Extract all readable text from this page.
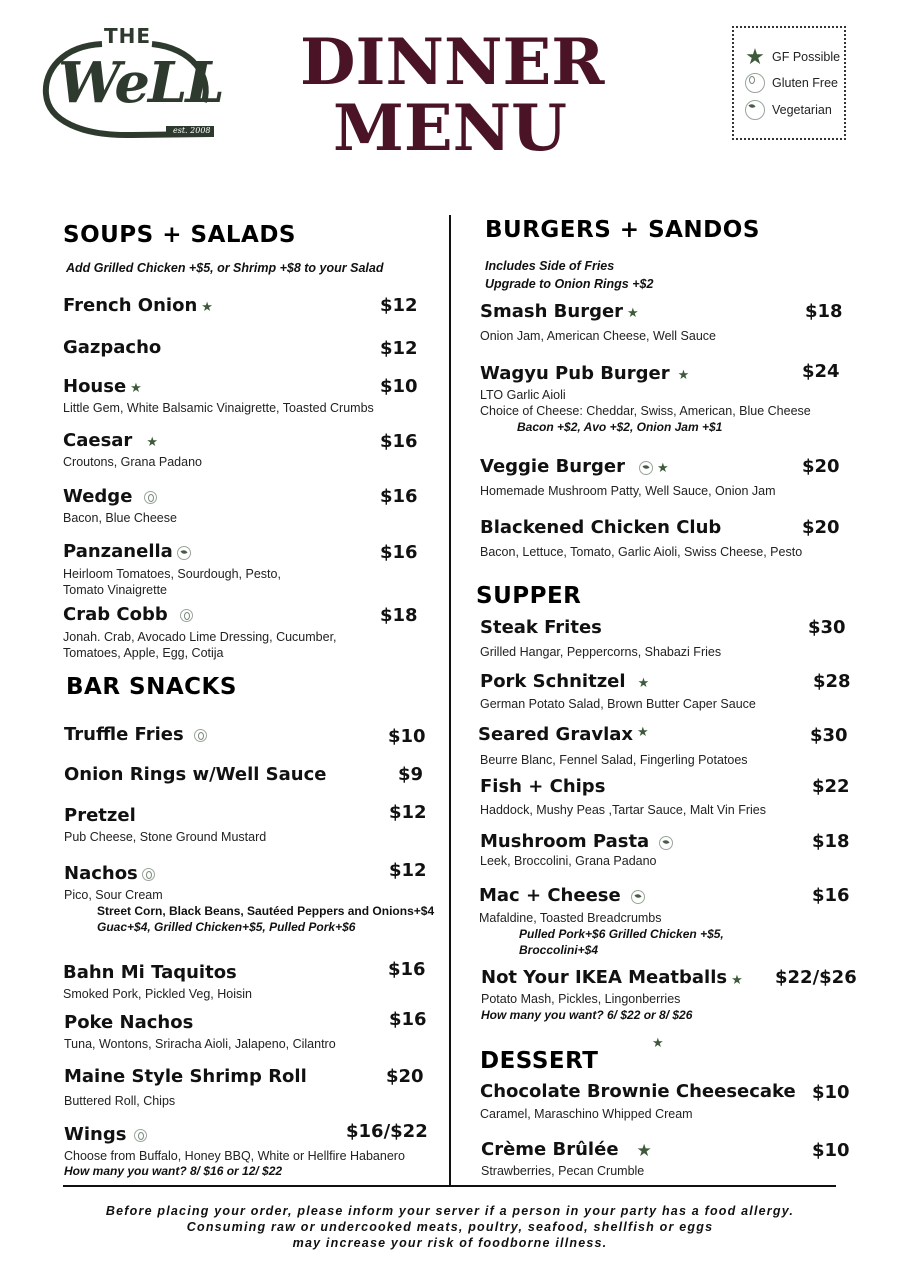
THE
WeLL
est. 2008
DINNER
MENU
★ GF Possible
Gluten Free
Vegetarian
SOUPS + SALADS
Add Grilled Chicken +$5, or Shrimp +$8 to your Salad
French Onion ★	$12
Gazpacho	$12
House ★	$10
Little Gem, White Balsamic Vinaigrette, Toasted Crumbs
Caesar ★	$16
Croutons, Grana Padano
Wedge	$16
Bacon, Blue Cheese
Panzanella	$16
Heirloom Tomatoes, Sourdough, Pesto,
Tomato Vinaigrette
Crab Cobb	$18
Jonah. Crab, Avocado Lime Dressing, Cucumber,
Tomatoes, Apple, Egg, Cotija
BAR SNACKS
Truffle Fries	$10
Onion Rings w/Well Sauce	$9
Pretzel	$12
Pub Cheese, Stone Ground Mustard
Nachos	$12
Pico, Sour Cream
Street Corn, Black Beans, Sautéed Peppers and Onions+$4
Guac+$4, Grilled Chicken+$5, Pulled Pork+$6
Bahn Mi Taquitos	$16
Smoked Pork, Pickled Veg, Hoisin
Poke Nachos	$16
Tuna, Wontons, Sriracha Aioli, Jalapeno, Cilantro
Maine Style Shrimp Roll	$20
Buttered Roll, Chips
Wings	$16/$22
Choose from Buffalo, Honey BBQ, White or Hellfire Habanero
How many you want? 8/ $16 or 12/ $22
BURGERS + SANDOS
Includes Side of Fries
Upgrade to Onion Rings +$2
Smash Burger ★	$18
Onion Jam, American Cheese, Well Sauce
Wagyu Pub Burger ★	$24
LTO Garlic Aioli
Choice of Cheese: Cheddar, Swiss, American, Blue Cheese
Bacon +$2, Avo +$2, Onion Jam +$1
Veggie Burger ★	$20
Homemade Mushroom Patty, Well Sauce, Onion Jam
Blackened Chicken Club	$20
Bacon, Lettuce, Tomato, Garlic Aioli, Swiss Cheese, Pesto
SUPPER
Steak Frites	$30
Grilled Hangar, Peppercorns, Shabazi Fries
Pork Schnitzel ★	$28
German Potato Salad, Brown Butter Caper Sauce
Seared Gravlax ★	$30
Beurre Blanc, Fennel Salad, Fingerling Potatoes
Fish + Chips	$22
Haddock, Mushy Peas ,Tartar Sauce, Malt Vin Fries
Mushroom Pasta	$18
Leek, Broccolini, Grana Padano
Mac + Cheese	$16
Mafaldine, Toasted Breadcrumbs
Pulled Pork+$6 Grilled Chicken +$5,
Broccolini+$4
Not Your IKEA Meatballs ★ $22/$26
Potato Mash, Pickles, Lingonberries
How many you want? 6/ $22 or 8/ $26
DESSERT
★
Chocolate Brownie Cheesecake $10
Caramel, Maraschino Whipped Cream
Crème Brûlée ★	$10
Strawberries, Pecan Crumble
Before placing your order, please inform your server if a person in your party has a food allergy.
Consuming raw or undercooked meats, poultry, seafood, shellfish or eggs
may increase your risk of foodborne illness.
